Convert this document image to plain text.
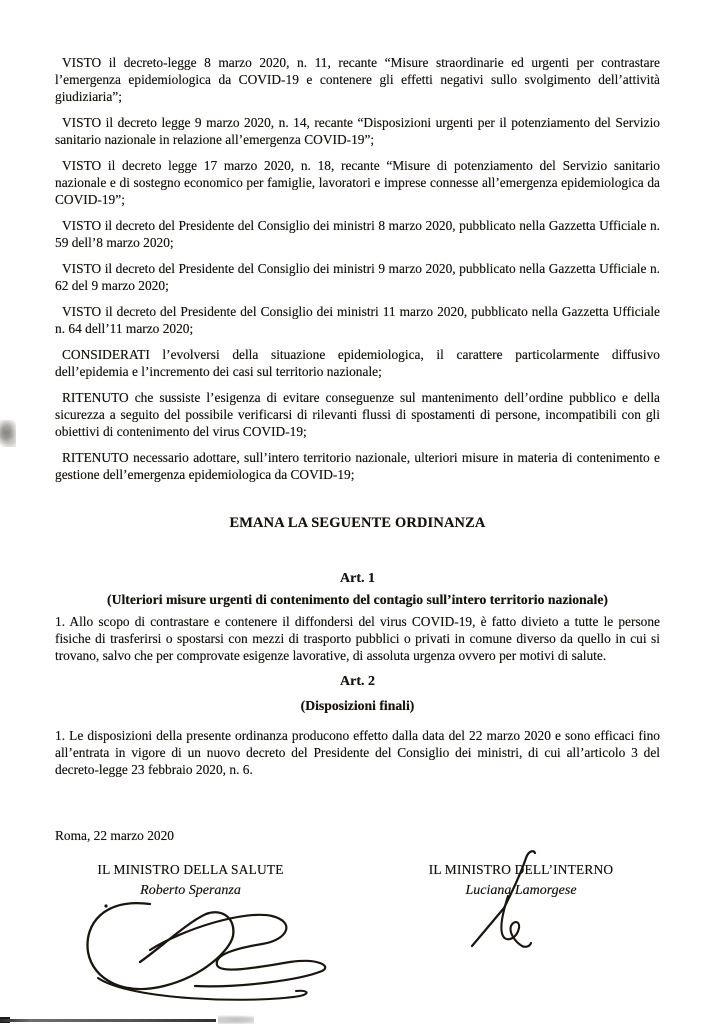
VISTO il decreto-legge 8 marzo 2020, n. 11, recante “Misure straordinarie ed urgenti per contrastare l’emergenza epidemiologica da COVID-19 e contenere gli effetti negativi sullo svolgimento dell’attività giudiziaria”;

VISTO il decreto legge 9 marzo 2020, n. 14, recante “Disposizioni urgenti per il potenziamento del Servizio sanitario nazionale in relazione all’emergenza COVID-19”;

VISTO il decreto legge 17 marzo 2020, n. 18, recante “Misure di potenziamento del Servizio sanitario nazionale e di sostegno economico per famiglie, lavoratori e imprese connesse all’emergenza epidemiologica da COVID-19”;

VISTO il decreto del Presidente del Consiglio dei ministri 8 marzo 2020, pubblicato nella Gazzetta Ufficiale n. 59 dell’8 marzo 2020;

VISTO il decreto del Presidente del Consiglio dei ministri 9 marzo 2020, pubblicato nella Gazzetta Ufficiale n. 62 del 9 marzo 2020;

VISTO il decreto del Presidente del Consiglio dei ministri 11 marzo 2020, pubblicato nella Gazzetta Ufficiale n. 64 dell’11 marzo 2020;

CONSIDERATI l’evolversi della situazione epidemiologica, il carattere particolarmente diffusivo dell’epidemia e l’incremento dei casi sul territorio nazionale;

RITENUTO che sussiste l’esigenza di evitare conseguenze sul mantenimento dell’ordine pubblico e della sicurezza a seguito del possibile verificarsi di rilevanti flussi di spostamenti di persone, incompatibili con gli obiettivi di contenimento del virus COVID-19;

RITENUTO necessario adottare, sull’intero territorio nazionale, ulteriori misure in materia di contenimento e gestione dell’emergenza epidemiologica da COVID-19;

EMANA LA SEGUENTE ORDINANZA
Art. 1
(Ulteriori misure urgenti di contenimento del contagio sull’intero territorio nazionale)

1. Allo scopo di contrastare e contenere il diffondersi del virus COVID-19, è fatto divieto a tutte le persone fisiche di trasferirsi o spostarsi con mezzi di trasporto pubblici o privati in comune diverso da quello in cui si trovano, salvo che per comprovate esigenze lavorative, di assoluta urgenza ovvero per motivi di salute.

Art. 2
(Disposizioni finali)

1. Le disposizioni della presente ordinanza producono effetto dalla data del 22 marzo 2020 e sono efficaci fino all’entrata in vigore di un nuovo decreto del Presidente del Consiglio dei ministri, di cui all’articolo 3 del decreto-legge 23 febbraio 2020, n. 6.

Roma, 22 marzo 2020

IL MINISTRO DELLA SALUTE
Roberto Speranza
IL MINISTRO DELL’INTERNO
Luciana Lamorgese
